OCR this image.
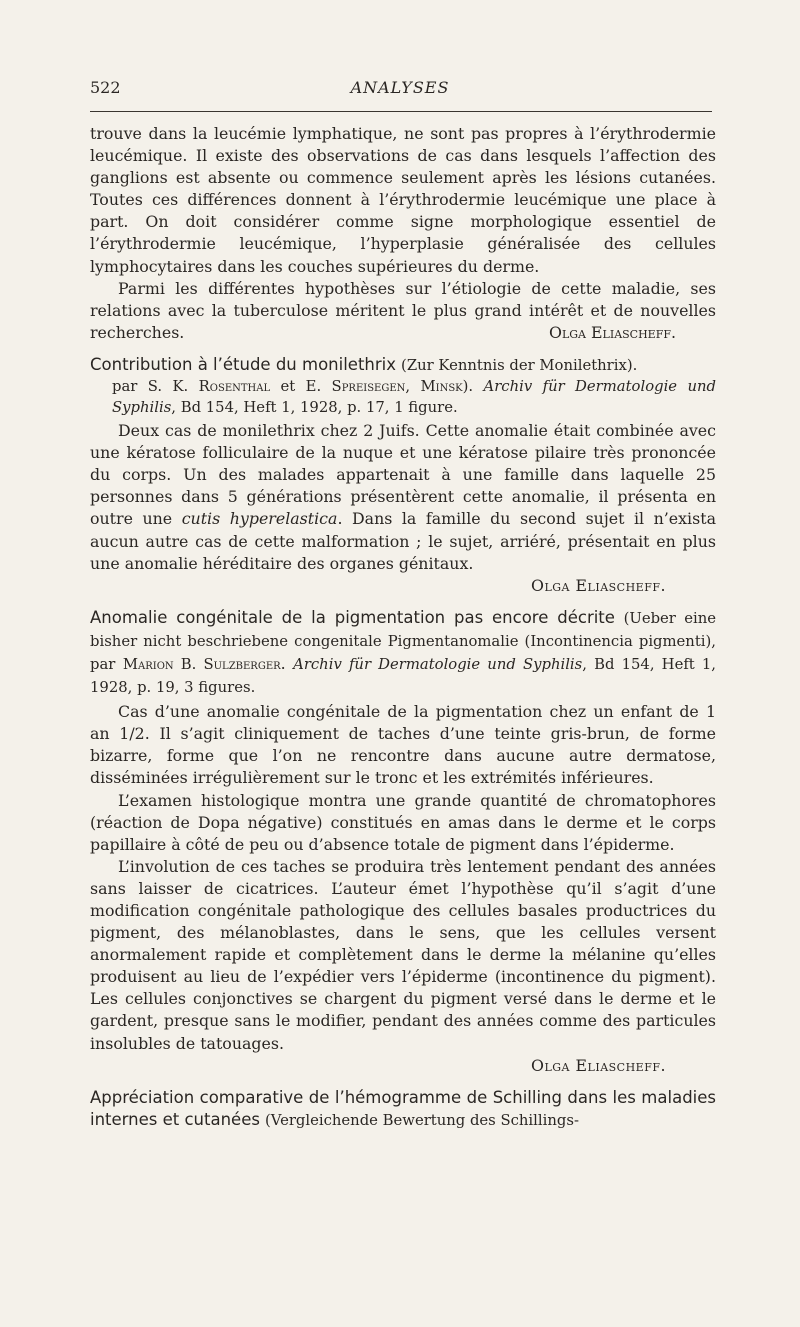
522	ANALYSES

trouve dans la leucémie lymphatique, ne sont pas propres à l’érythrodermie leucémique. Il existe des observations de cas dans lesquels l’affection des ganglions est absente ou commence seulement après les lésions cutanées. Toutes ces différences donnent à l’érythrodermie leucémique une place à part. On doit considérer comme signe morphologique essentiel de l’érythrodermie leucémique, l’hyperplasie généralisée des cellules lymphocytaires dans les couches supérieures du derme.

Parmi les différentes hypothèses sur l’étiologie de cette maladie, ses relations avec la tuberculose méritent le plus grand intérêt et de nouvelles recherches.	Olga Eliascheff.

Contribution à l’étude du monilethrix (Zur Kenntnis der Monilethrix).

par S. K. Rosenthal et E. Spreisegen, Minsk). Archiv für Dermatologie und Syphilis, Bd 154, Heft 1, 1928, p. 17, 1 figure.

Deux cas de monilethrix chez 2 Juifs. Cette anomalie était combinée avec une kératose folliculaire de la nuque et une kératose pilaire très prononcée du corps. Un des malades appartenait à une famille dans laquelle 25 personnes dans 5 générations présentèrent cette anomalie, il présenta en outre une cutis hyperelastica. Dans la famille du second sujet il n’exista aucun autre cas de cette malformation ; le sujet, arriéré, présentait en plus une anomalie héréditaire des organes génitaux.

Olga Eliascheff.

Anomalie congénitale de la pigmentation pas encore décrite (Ueber eine bisher nicht beschriebene congenitale Pigmentanomalie (Incontinencia pigmenti), par Marion B. Sulzberger. Archiv für Dermatologie und Syphilis, Bd 154, Heft 1, 1928, p. 19, 3 figures.

Cas d’une anomalie congénitale de la pigmentation chez un enfant de 1 an 1/2. Il s’agit cliniquement de taches d’une teinte gris-brun, de forme bizarre, forme que l’on ne rencontre dans aucune autre dermatose, disséminées irrégulièrement sur le tronc et les extrémités inférieures.

L’examen histologique montra une grande quantité de chromatophores (réaction de Dopa négative) constitués en amas dans le derme et le corps papillaire à côté de peu ou d’absence totale de pigment dans l’épiderme.

L’involution de ces taches se produira très lentement pendant des années sans laisser de cicatrices. L’auteur émet l’hypothèse qu’il s’agit d’une modification congénitale pathologique des cellules basales productrices du pigment, des mélanoblastes, dans le sens, que les cellules versent anormalement rapide et complètement dans le derme la mélanine qu’elles produisent au lieu de l’expédier vers l’épiderme (incontinence du pigment). Les cellules conjonctives se chargent du pigment versé dans le derme et le gardent, presque sans le modifier, pendant des années comme des particules insolubles de tatouages.

Olga Eliascheff.

Appréciation comparative de l’hémogramme de Schilling dans les maladies internes et cutanées (Vergleichende Bewertung des Schillings-
